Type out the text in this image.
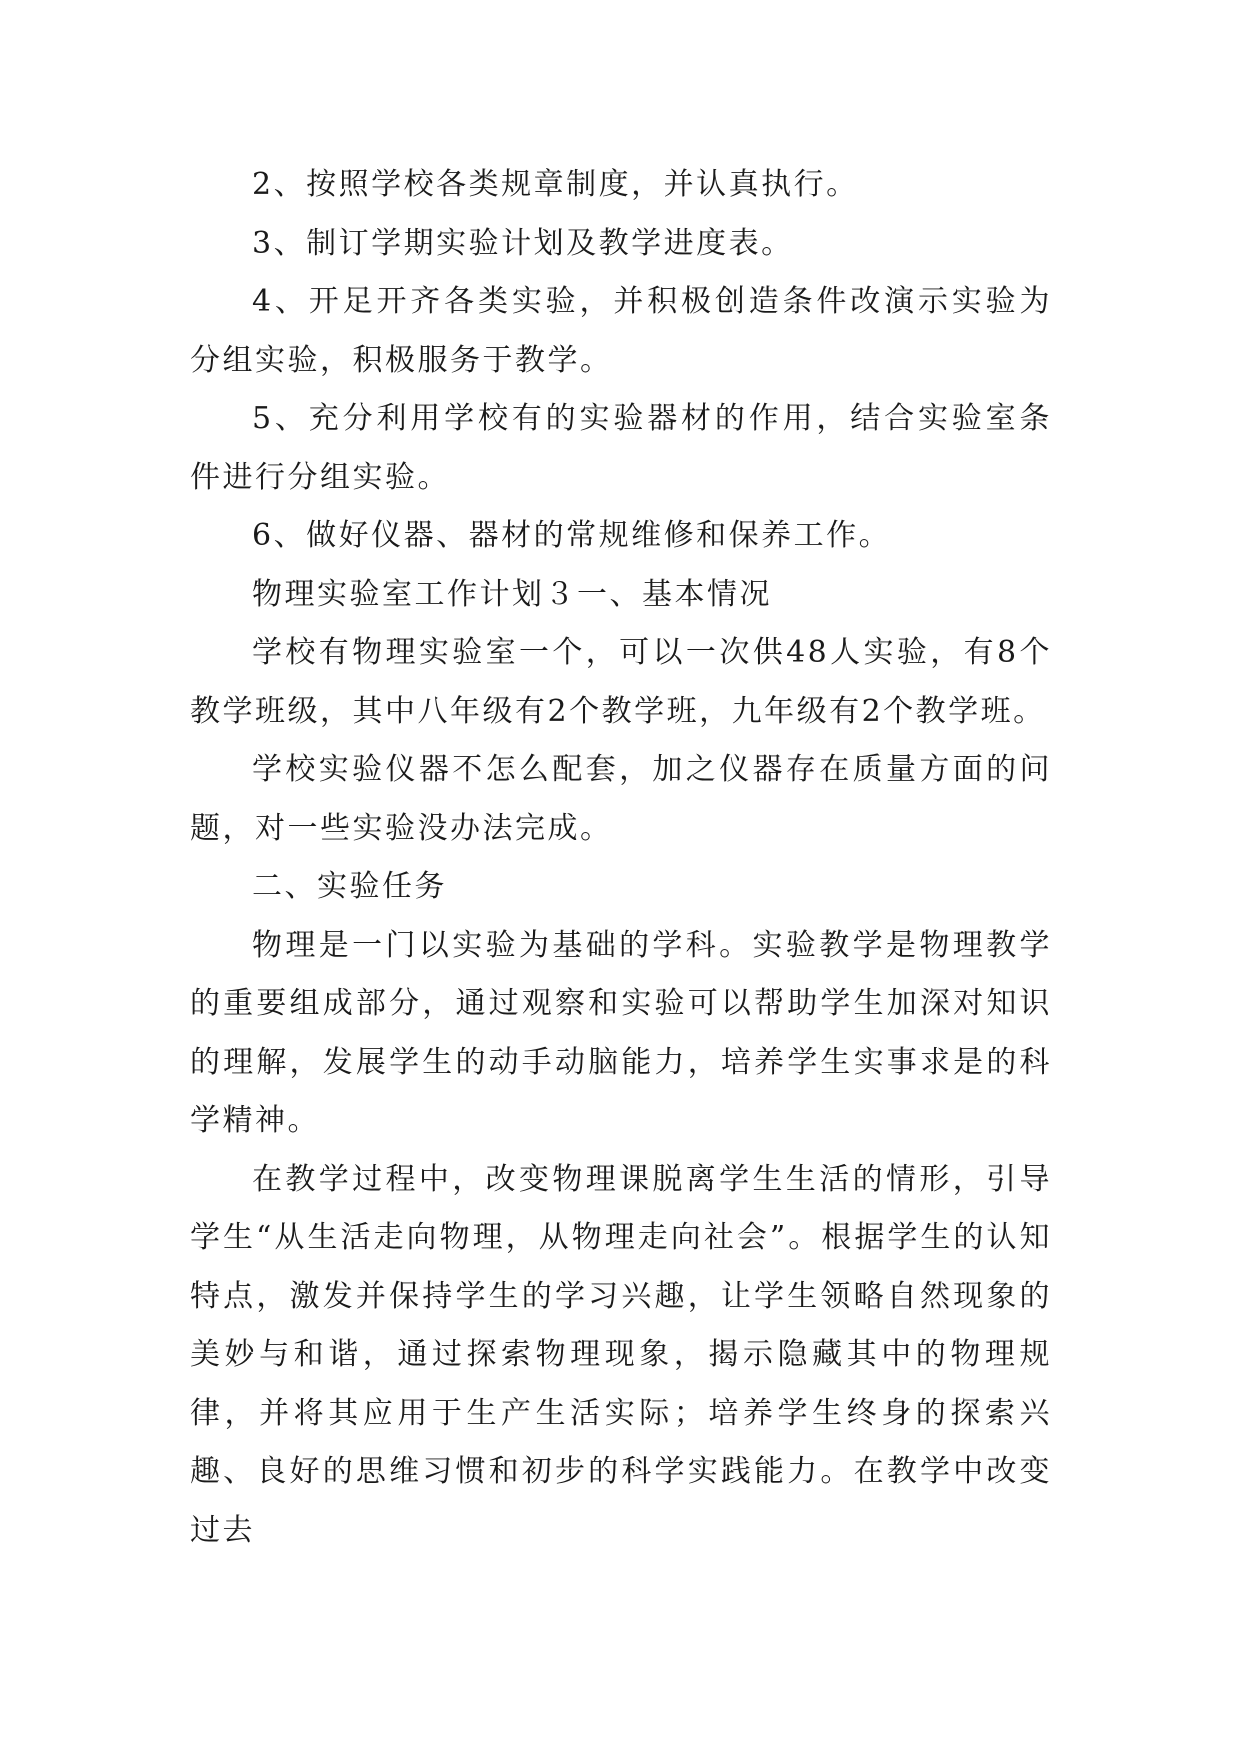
2、按照学校各类规章制度，并认真执行。

3、制订学期实验计划及教学进度表。

4、开足开齐各类实验，并积极创造条件改演示实验为分组实验，积极服务于教学。

5、充分利用学校有的实验器材的作用，结合实验室条件进行分组实验。

6、做好仪器、器材的常规维修和保养工作。

物理实验室工作计划３一、基本情况

学校有物理实验室一个，可以一次供48人实验，有8个教学班级，其中八年级有2个教学班，九年级有2个教学班。

学校实验仪器不怎么配套，加之仪器存在质量方面的问题，对一些实验没办法完成。

二、实验任务

物理是一门以实验为基础的学科。实验教学是物理教学的重要组成部分，通过观察和实验可以帮助学生加深对知识的理解，发展学生的动手动脑能力，培养学生实事求是的科学精神。

在教学过程中，改变物理课脱离学生生活的情形，引导学生“从生活走向物理，从物理走向社会”。根据学生的认知特点，激发并保持学生的学习兴趣，让学生领略自然现象的美妙与和谐，通过探索物理现象，揭示隐藏其中的物理规律，并将其应用于生产生活实际；培养学生终身的探索兴趣、良好的思维习惯和初步的科学实践能力。在教学中改变过去
